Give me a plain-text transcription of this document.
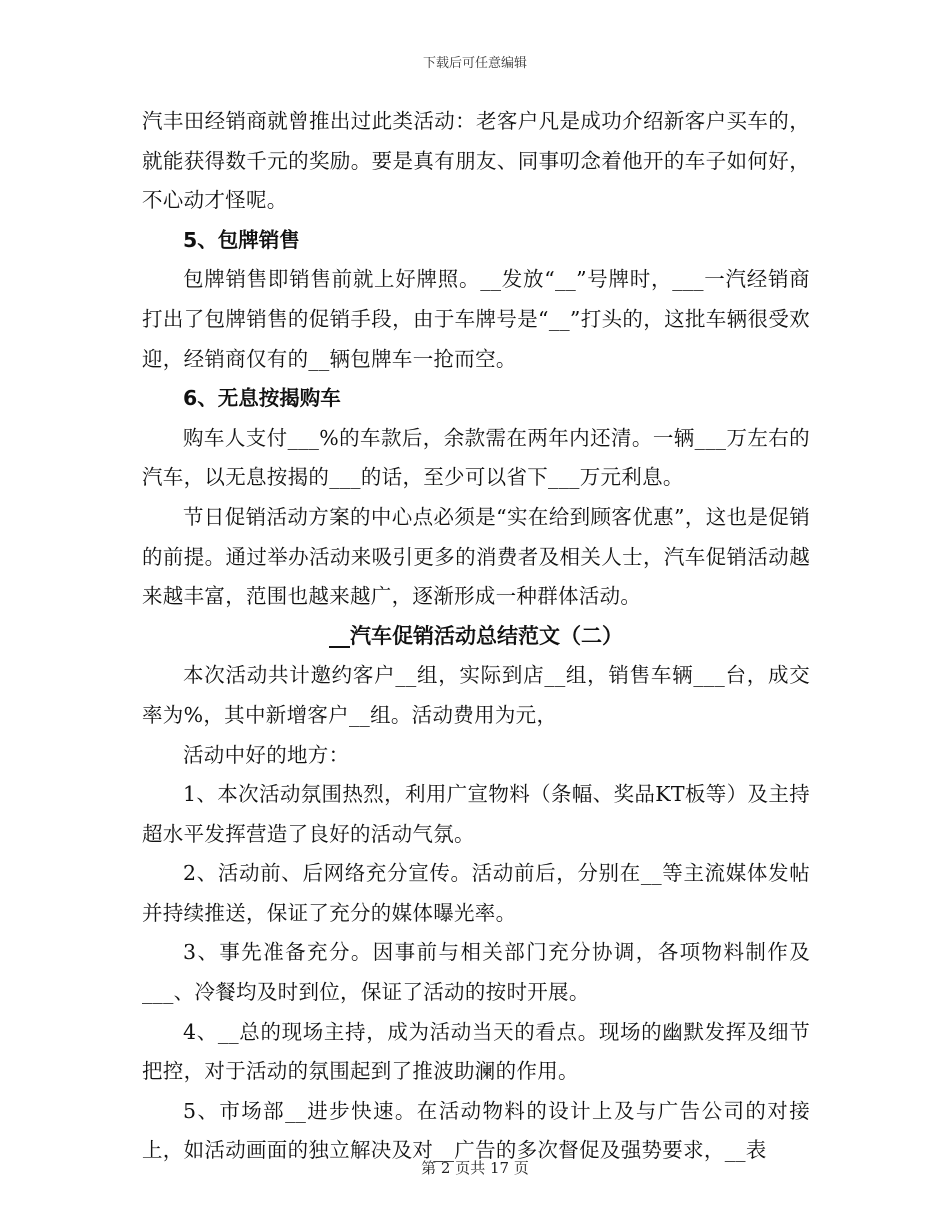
下载后可任意编辑

汽丰田经销商就曾推出过此类活动：老客户凡是成功介绍新客户买车的，就能获得数千元的奖励。要是真有朋友、同事叨念着他开的车子如何好，不心动才怪呢。

5、包牌销售

包牌销售即销售前就上好牌照。__发放“__”号牌时，___一汽经销商打出了包牌销售的促销手段，由于车牌号是“__”打头的，这批车辆很受欢迎，经销商仅有的__辆包牌车一抢而空。

6、无息按揭购车

购车人支付___%的车款后，余款需在两年内还清。一辆___万左右的汽车，以无息按揭的___的话，至少可以省下___万元利息。

节日促销活动方案的中心点必须是“实在给到顾客优惠”，这也是促销的前提。通过举办活动来吸引更多的消费者及相关人士，汽车促销活动越来越丰富，范围也越来越广，逐渐形成一种群体活动。

__汽车促销活动总结范文（二）

本次活动共计邀约客户__组，实际到店__组，销售车辆___台，成交率为%，其中新增客户__组。活动费用为元，

活动中好的地方：

1、本次活动氛围热烈，利用广宣物料（条幅、奖品KT板等）及主持超水平发挥营造了良好的活动气氛。

2、活动前、后网络充分宣传。活动前后，分别在__等主流媒体发帖并持续推送，保证了充分的媒体曝光率。

3、事先准备充分。因事前与相关部门充分协调，各项物料制作及___、冷餐均及时到位，保证了活动的按时开展。

4、__总的现场主持，成为活动当天的看点。现场的幽默发挥及细节把控，对于活动的氛围起到了推波助澜的作用。

5、市场部__进步快速。在活动物料的设计上及与广告公司的对接上，如活动画面的独立解决及对__广告的多次督促及强势要求，__表

第 2 页共 17 页
